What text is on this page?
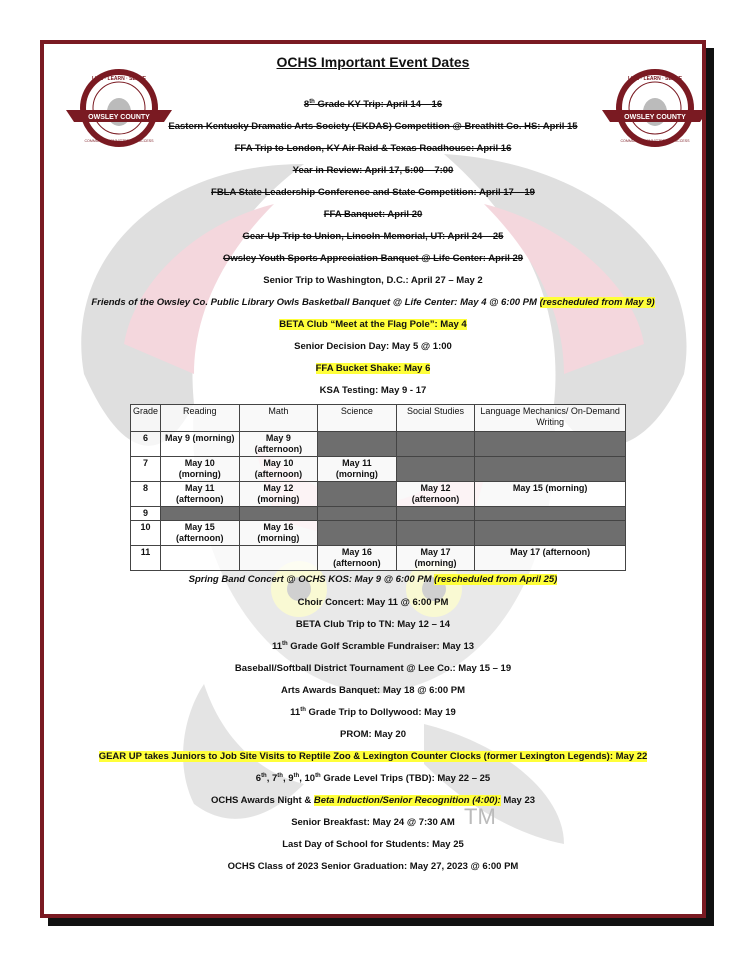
OWSLEY COUNTY
LIVE · LEARN · SERVE
COMMUNITY COMMITTED TO SUCCESS
OWSLEY COUNTY
LIVE · LEARN · SERVE
COMMUNITY COMMITTED TO SUCCESS
OCHS Important Event Dates
8th Grade KY Trip: April 14 – 16
Eastern Kentucky Dramatic Arts Society (EKDAS) Competition @ Breathitt Co. HS: April 15
FFA Trip to London, KY Air Raid & Texas Roadhouse: April 16
Year in Review: April 17, 5:00 – 7:00
FBLA State Leadership Conference and State Competition: April 17 – 19
FFA Banquet: April 20
Gear-Up Trip to Union, Lincoln-Memorial, UT: April 24 – 25
Owsley Youth Sports Appreciation Banquet @ Life Center: April 29
Senior Trip to Washington, D.C.: April 27 – May 2
Friends of the Owsley Co. Public Library Owls Basketball Banquet @ Life Center: May 4 @ 6:00 PM (rescheduled from May 9)
BETA Club “Meet at the Flag Pole”: May 4
Senior Decision Day: May 5 @ 1:00
FFA Bucket Shake: May 6
KSA Testing: May 9 - 17
Grade	Reading	Math	Science	Social Studies	Language Mechanics/ On-Demand Writing
6	May 9 (morning)	May 9 (afternoon)			
7	May 10 (morning)	May 10 (afternoon)	May 11 (morning)		
8	May 11 (afternoon)	May 12 (morning)		May 12 (afternoon)	May 15 (morning)
9					
10	May 15 (afternoon)	May 16 (morning)			
11			May 16 (afternoon)	May 17 (morning)	May 17 (afternoon)
Spring Band Concert @ OCHS KOS: May 9 @ 6:00 PM (rescheduled from April 25)
Choir Concert: May 11 @ 6:00 PM
BETA Club Trip to TN: May 12 – 14
11th Grade Golf Scramble Fundraiser: May 13
Baseball/Softball District Tournament @ Lee Co.: May 15 – 19
Arts Awards Banquet: May 18 @ 6:00 PM
11th Grade Trip to Dollywood: May 19
PROM: May 20
GEAR UP takes Juniors to Job Site Visits to Reptile Zoo & Lexington Counter Clocks (former Lexington Legends): May 22
6th, 7th, 9th, 10th Grade Level Trips (TBD): May 22 – 25
OCHS Awards Night & Beta Induction/Senior Recognition (4:00): May 23
Senior Breakfast: May 24 @ 7:30 AM
Last Day of School for Students: May 25
OCHS Class of 2023 Senior Graduation: May 27, 2023 @ 6:00 PM
TM
